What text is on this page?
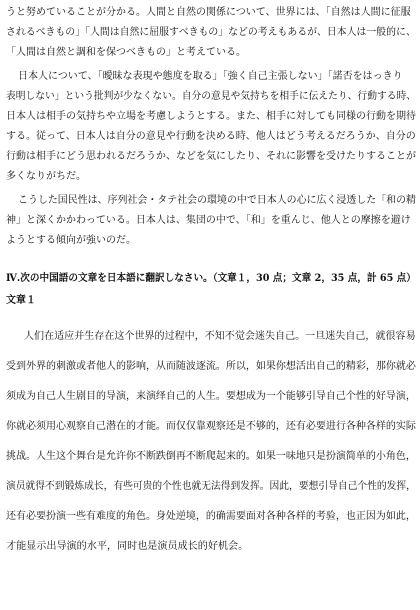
うと努めていることが分かる。人間と自然の関係について、世界には、「自然は人間に征服
されるべきもの」「人間は自然に屈服すべきもの」などの考えもあるが、日本人は一般的に、
「人間は自然と調和を保つべきもの」と考えている。
日本人について、「曖昧な表現や態度を取る」「強く自己主張しない」「諾否をはっきり
表明しない」という批判が少なくない。自分の意見や気持ちを相手に伝えたり、行動する時、
日本人は相手の気持ちや立場を考慮しようとする。また、相手に対しても同様の行動を期待
する。従って、日本人は自分の意見や行動を決める時、他人はどう考えるだろうか、自分の
行動は相手にどう思われるだろうか、などを気にしたり、それに影響を受けたりすることが
多くなりがちだ。
こうした国民性は、序列社会・タテ社会の環境の中で日本人の心に広く浸透した「和の精
神」と深くかかわっている。日本人は、集団の中で、「和」を重んじ、他人との摩擦を避け
ようとする傾向が強いのだ。
Ⅳ.次の中国語の文章を日本語に翻訳しなさい。（文章１，30 点；文章 2，35 点，計 65 点）
文章１
人们在适应并生存在这个世界的过程中，不知不觉会迷失自己。一旦迷失自己，就很容易
受到外界的刺激或者他人的影响，从而随波逐流。所以，如果你想活出自己的精彩，那你就必
须成为自己人生剧目的导演，来演绎自己的人生。要想成为一个能够引导自己个性的好导演，
你就必须用心观察自己潜在的才能。而仅仅靠观察还是不够的，还有必要进行各种各样的实际
挑战。人生这个舞台是允许你不断跌倒再不断爬起来的。如果一味地只是扮演简单的小角色，
演员就得不到锻炼成长，有些可贵的个性也就无法得到发挥。因此，要想引导自己个性的发挥，
还有必要扮演一些有难度的角色。身处逆境，的确需要面对各种各样的考验，也正因为如此，
才能显示出导演的水平，同时也是演员成长的好机会。
